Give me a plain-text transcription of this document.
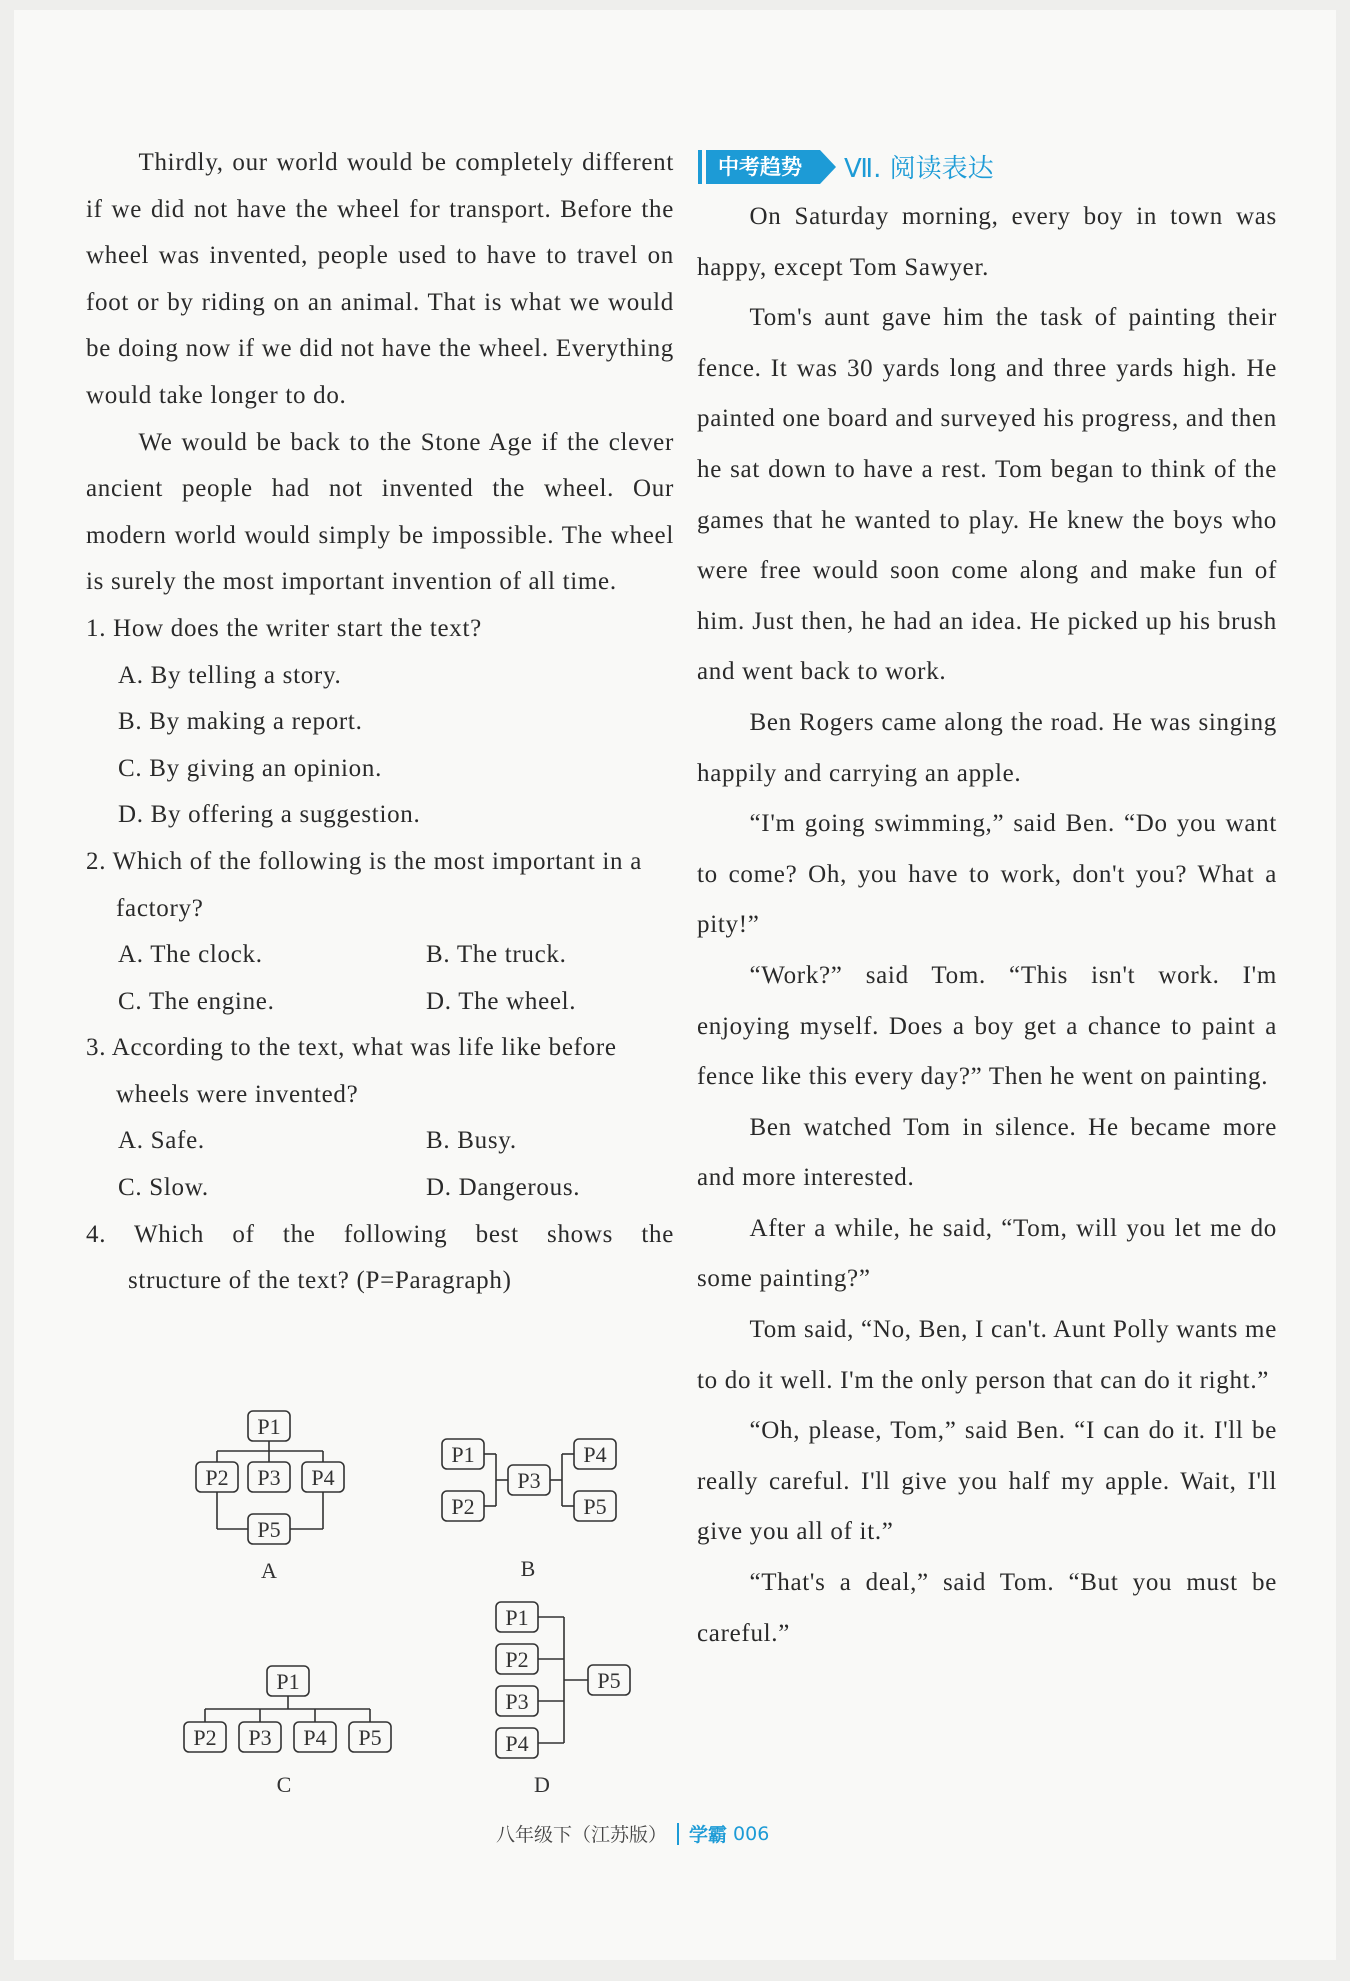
Thirdly, our world would be completely different if we did not have the wheel for transport. Before the wheel was invented, people used to have to travel on foot or by riding on an animal. That is what we would be doing now if we did not have the wheel. Everything would take longer to do.

We would be back to the Stone Age if the clever ancient people had not invented the wheel. Our modern world would simply be impossible. The wheel is surely the most important invention of all time.

1. How does the writer start the text?

A. By telling a story.

B. By making a report.

C. By giving an opinion.

D. By offering a suggestion.

2. Which of the following is the most important in a factory?

A. The clock.	B. The truck.
C. The engine.	D. The wheel.

3. According to the text, what was life like before wheels were invented?

A. Safe.	B. Busy.
C. Slow.	D. Dangerous.

4. Which of the following best shows the

structure of the text? (P=Paragraph)

P1
P2 P3 P4
P5
A
P1
P2
P3
P4
P5
B
P1
P2 P3 P4 P5
C
P1
P2
P3
P4
P5
D
中考趋势	Ⅶ. 阅读表达

On Saturday morning, every boy in town was happy, except Tom Sawyer.

Tom's aunt gave him the task of painting their fence. It was 30 yards long and three yards high. He painted one board and surveyed his progress, and then he sat down to have a rest. Tom began to think of the games that he wanted to play. He knew the boys who were free would soon come along and make fun of him. Just then, he had an idea. He picked up his brush and went back to work.

Ben Rogers came along the road. He was singing happily and carrying an apple.

“I'm going swimming,” said Ben. “Do you want to come? Oh, you have to work, don't you? What a pity!”

“Work?” said Tom. “This isn't work. I'm enjoying myself. Does a boy get a chance to paint a fence like this every day?” Then he went on painting.

Ben watched Tom in silence. He became more and more interested.

After a while, he said, “Tom, will you let me do some painting?”

Tom said, “No, Ben, I can't. Aunt Polly wants me to do it well. I'm the only person that can do it right.”

“Oh, please, Tom,” said Ben. “I can do it. I'll be really careful. I'll give you half my apple. Wait, I'll give you all of it.”

“That's a deal,” said Tom. “But you must be careful.”

八年级下（江苏版） 学霸 006
